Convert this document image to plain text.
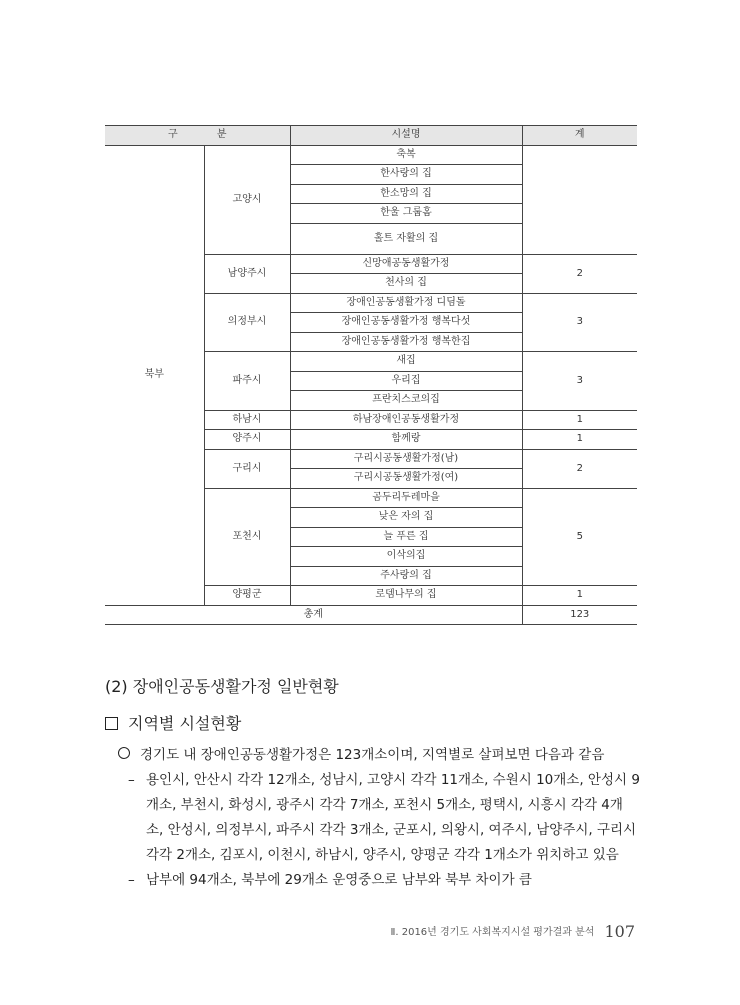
구 분		시설명	계
북부	고양시	축복	
		한사랑의 집	
		한소망의 집	
		한울 그룹홈	
		홀트 자활의 집	
	남양주시	신망애공동생활가정	2
		천사의 집	
	의정부시	장애인공동생활가정 디딤돌	3
		장애인공동생활가정 행복다섯	
		장애인공동생활가정 행복한집	
	파주시	새집	3
		우리집	
		프란치스코의집	
	하남시	하남장애인공동생활가정	1
	양주시	함께랑	1
	구리시	구리시공동생활가정(남)	2
		구리시공동생활가정(여)	
	포천시	곰두리두레마을	5
		낮은 자의 집	
		늘 푸른 집	
		이삭의집	
		주사랑의 집	
	양평군	로뎀나무의 집	1
총계			123
(2) 장애인공동생활가정 일반현황
지역별 시설현황
경기도 내 장애인공동생활가정은 123개소이며, 지역별로 살펴보면 다음과 같음
– 용인시, 안산시 각각 12개소, 성남시, 고양시 각각 11개소, 수원시 10개소, 안성시 9개소, 부천시, 화성시, 광주시 각각 7개소, 포천시 5개소, 평택시, 시흥시 각각 4개소, 안성시, 의정부시, 파주시 각각 3개소, 군포시, 의왕시, 여주시, 남양주시, 구리시 각각 2개소, 김포시, 이천시, 하남시, 양주시, 양평군 각각 1개소가 위치하고 있음
– 남부에 94개소, 북부에 29개소 운영중으로 남부와 북부 차이가 큼
Ⅱ. 2016년 경기도 사회복지시설 평가결과 분석 107
